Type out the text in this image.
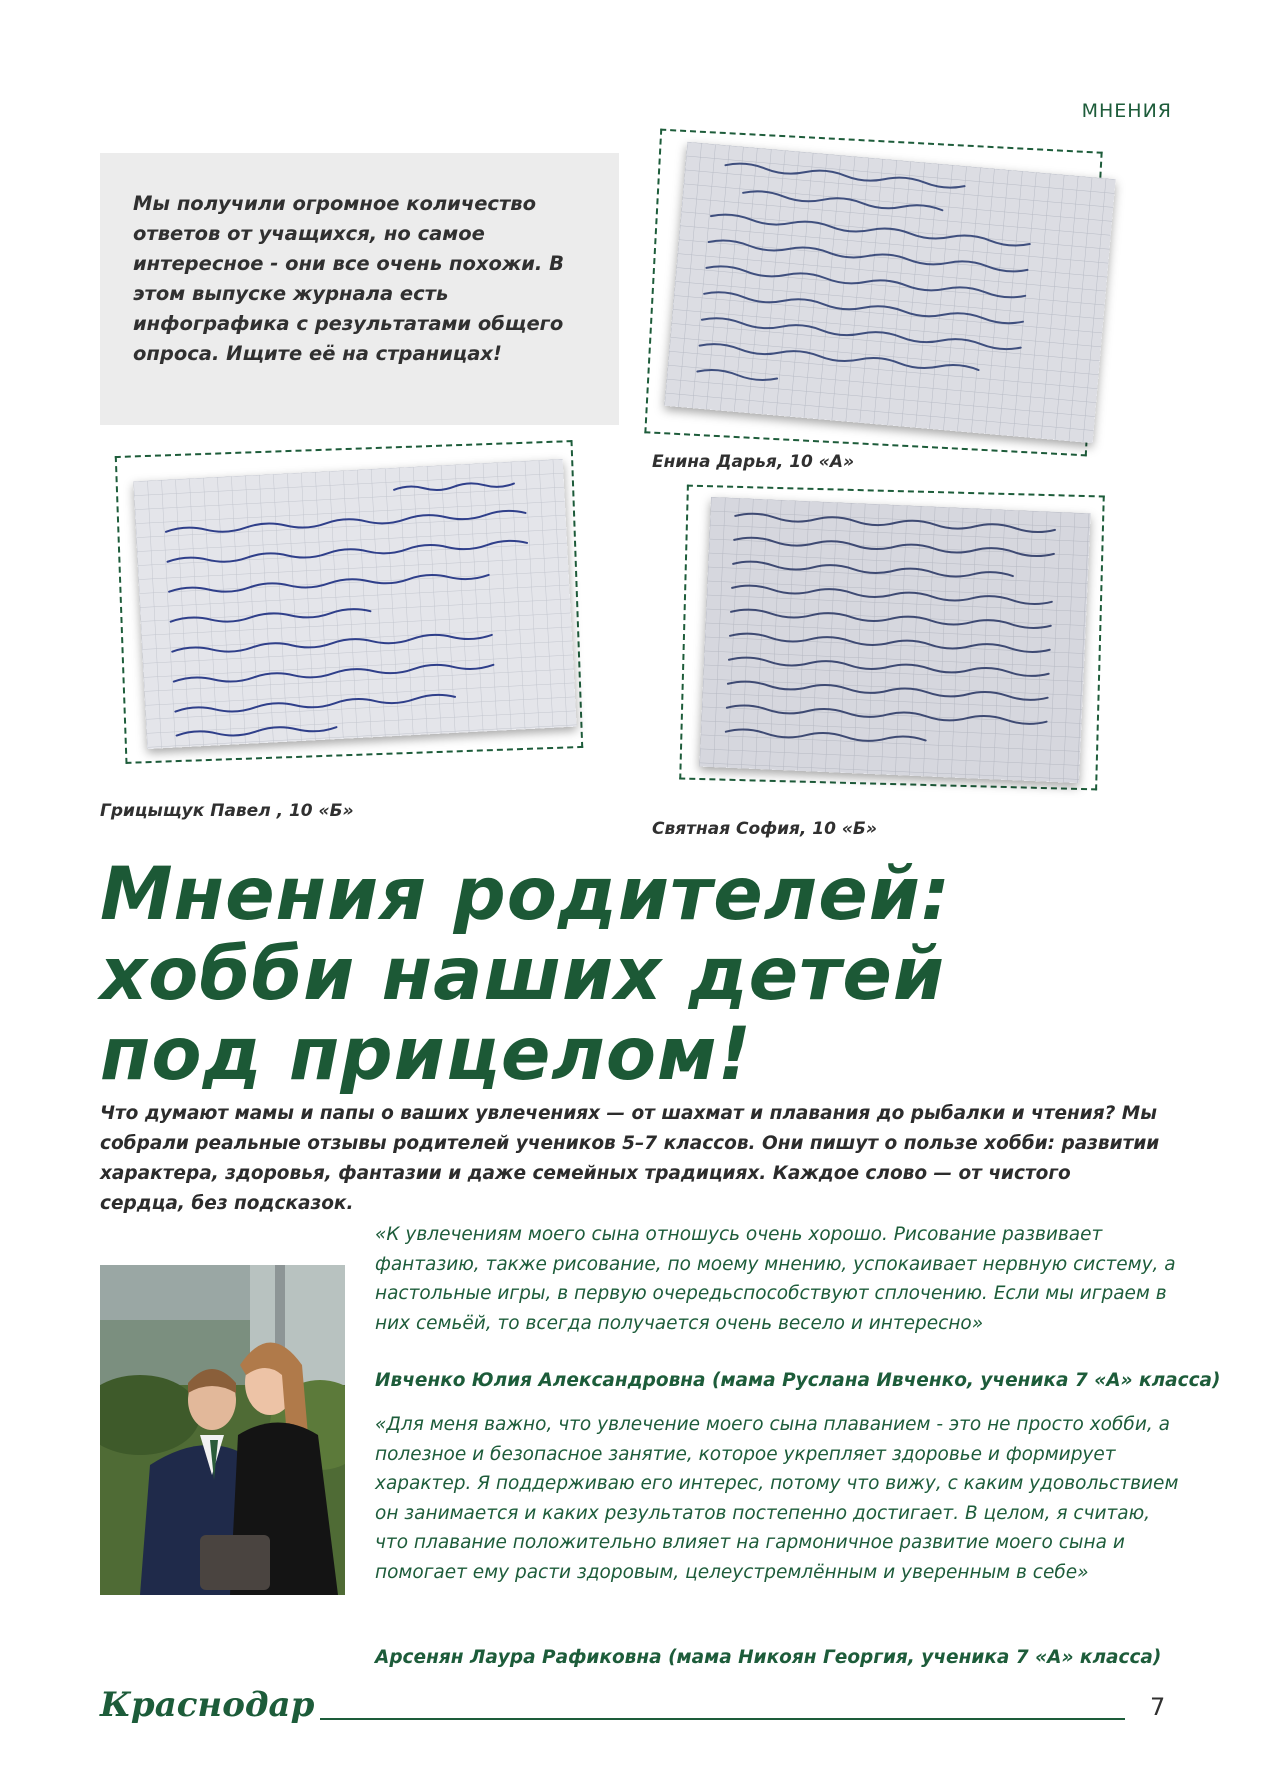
МНЕНИЯ

Мы получили огромное количество ответов от учащихся, но самое интересное - они все очень похожи. В этом выпуске журнала есть инфографика с результатами общего опроса. Ищите её на страницах!

Енина Дарья, 10 «А»
Грицыщук Павел , 10 «Б»
Святная София, 10 «Б»
Мнения родителей:
хобби наших детей
под прицелом!

Что думают мамы и папы о ваших увлечениях — от шахмат и плавания до рыбалки и чтения? Мы собрали реальные отзывы родителей учеников 5–7 классов. Они пишут о пользе хобби: развитии характера, здоровья, фантазии и даже семейных традициях. Каждое слово — от чистого сердца, без подсказок.

«К увлечениям моего сына отношусь очень хорошо. Рисование развивает фантазию, также рисование, по моему мнению, успокаивает нервную систему, а настольные игры, в первую очередьспособствуют сплочению. Если мы играем в них семьёй, то всегда получается очень весело и интересно»

Ивченко Юлия Александровна (мама Руслана Ивченко, ученика 7 «А» класса)

«Для меня важно, что увлечение моего сына плаванием - это не просто хобби, а полезное и безопасное занятие, которое укрепляет здоровье и формирует характер. Я поддерживаю его интерес, потому что вижу, с каким удовольствием он занимается и каких результатов постепенно достигает. В целом, я считаю, что плавание положительно влияет на гармоничное развитие моего сына и помогает ему расти здоровым, целеустремлённым и уверенным в себе»

Арсенян Лаура Рафиковна (мама Никоян Георгия, ученика 7 «А» класса)

Краснодар	7
